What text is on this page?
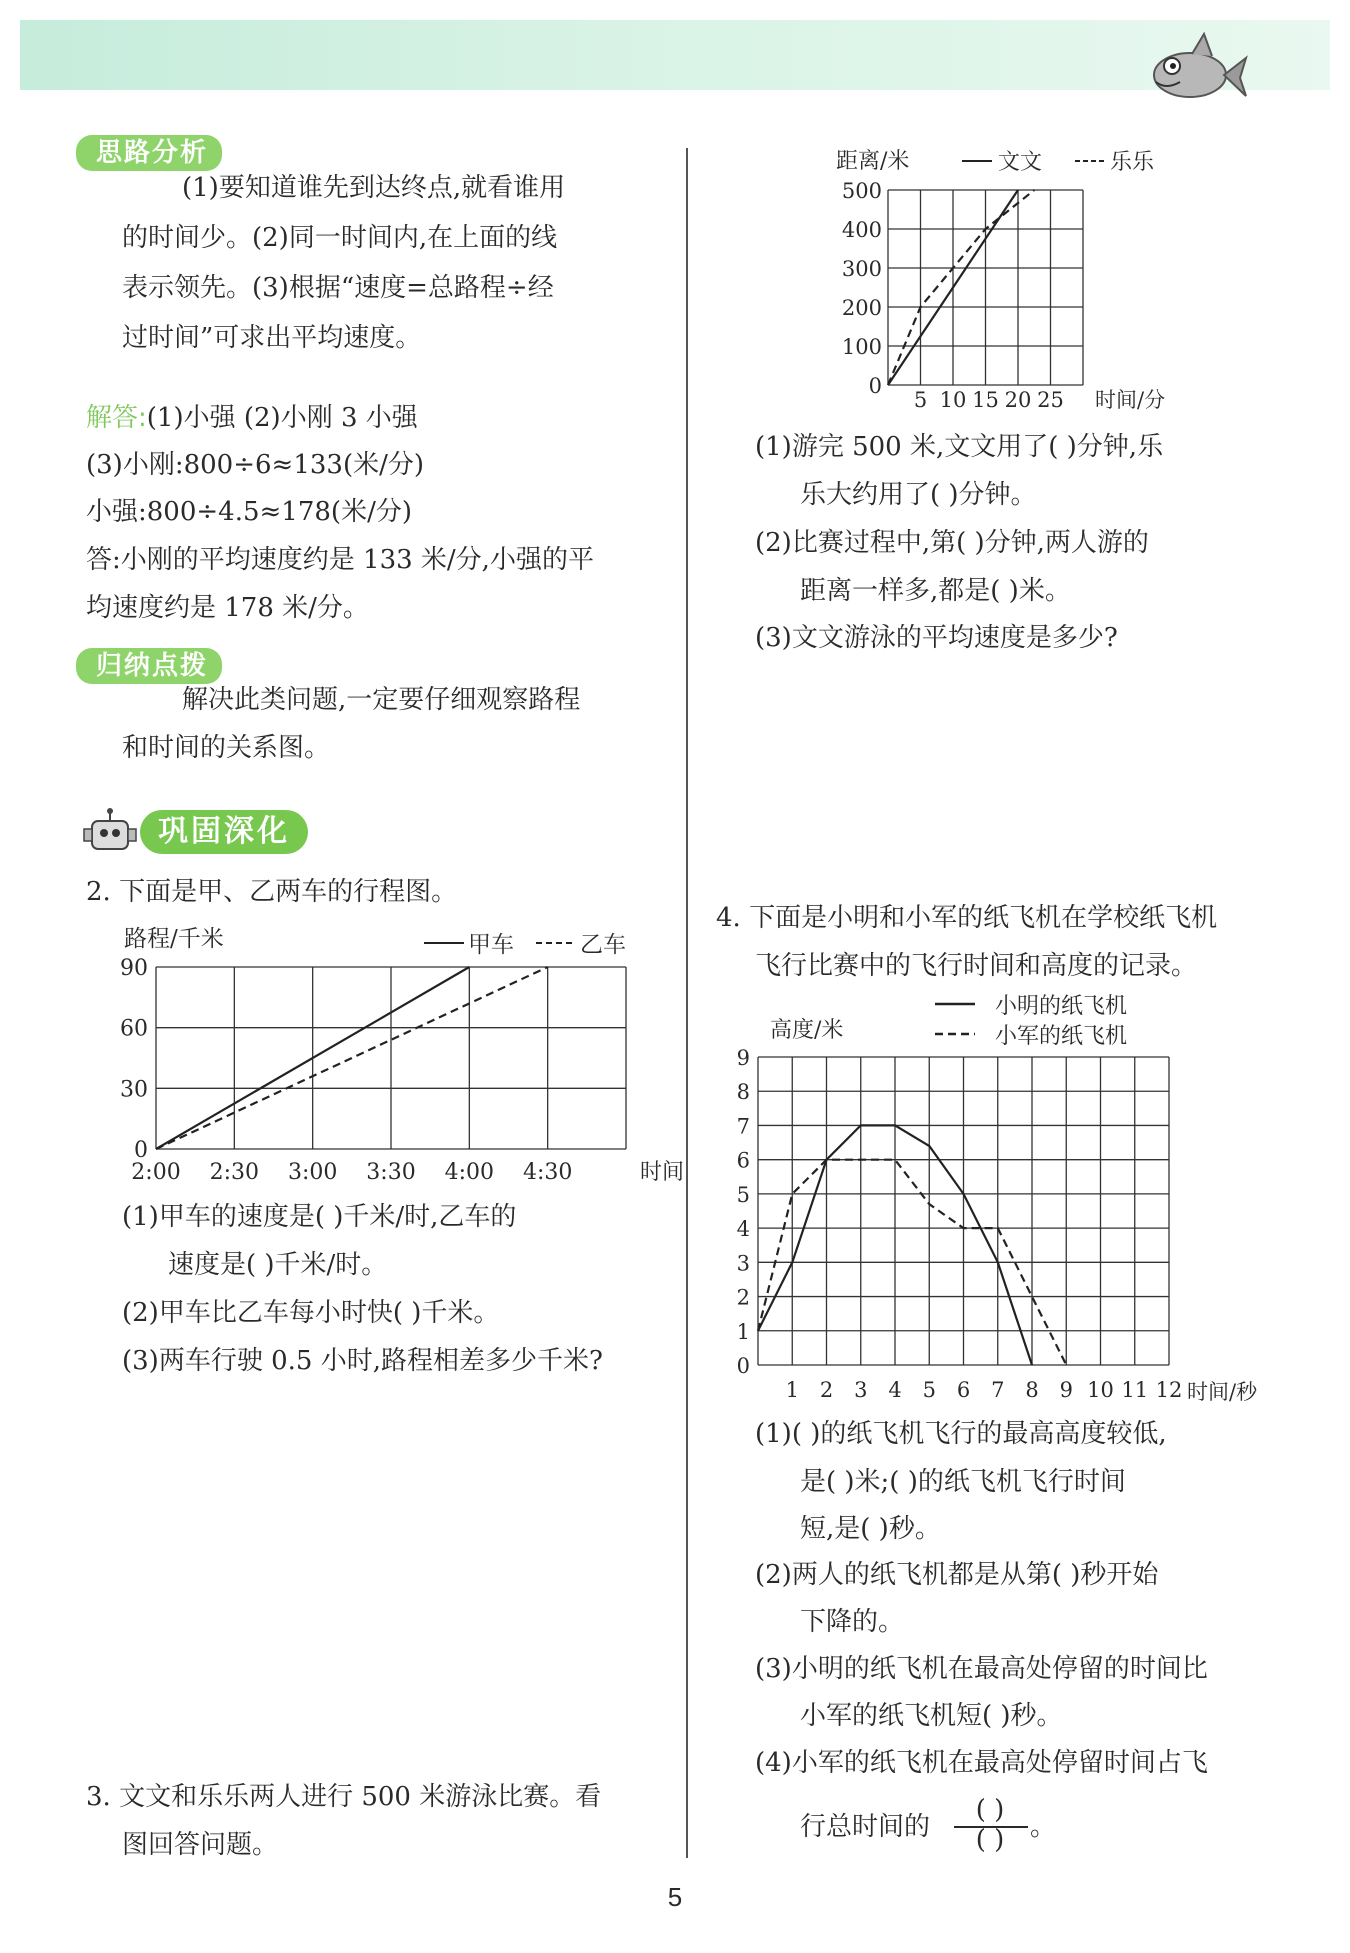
思路分析
(1)要知道谁先到达终点,就看谁用
的时间少。(2)同一时间内,在上面的线
表示领先。(3)根据“速度=总路程÷经
过时间”可求出平均速度。
解答:(1)小强 (2)小刚 3 小强
(3)小刚:800÷6≈133(米/分)
小强:800÷4.5≈178(米/分)
答:小刚的平均速度约是 133 米/分,小强的平
均速度约是 178 米/分。
归纳点拨
解决此类问题,一定要仔细观察路程
和时间的关系图。
巩固深化
2. 下面是甲、乙两车的行程图。
路程/千米
90
60
30
0
2:00 2:30 3:00 3:30 4:00 4:30	时间
甲车	乙车
(1)甲车的速度是( )千米/时,乙车的
速度是( )千米/时。
(2)甲车比乙车每小时快( )千米。
(3)两车行驶 0.5 小时,路程相差多少千米?
3. 文文和乐乐两人进行 500 米游泳比赛。看
图回答问题。
距离/米	文文	乐乐
500
400
300
200
100
0
5 10 15 20 25 时间/分
(1)游完 500 米,文文用了( )分钟,乐
乐大约用了( )分钟。
(2)比赛过程中,第( )分钟,两人游的
距离一样多,都是( )米。
(3)文文游泳的平均速度是多少?
4. 下面是小明和小军的纸飞机在学校纸飞机
飞行比赛中的飞行时间和高度的记录。
高度/米
小明的纸飞机
小军的纸飞机
9
8
7
6
5
4
3
2
1
0
1 2 3 4 5 6 7 8 9 10 11 12 时间/秒
(1)( )的纸飞机飞行的最高高度较低,
是( )米;( )的纸飞机飞行时间
短,是( )秒。
(2)两人的纸飞机都是从第( )秒开始
下降的。
(3)小明的纸飞机在最高处停留的时间比
小军的纸飞机短( )秒。
(4)小军的纸飞机在最高处停留时间占飞
行总时间的
( )
( ) 。
5
